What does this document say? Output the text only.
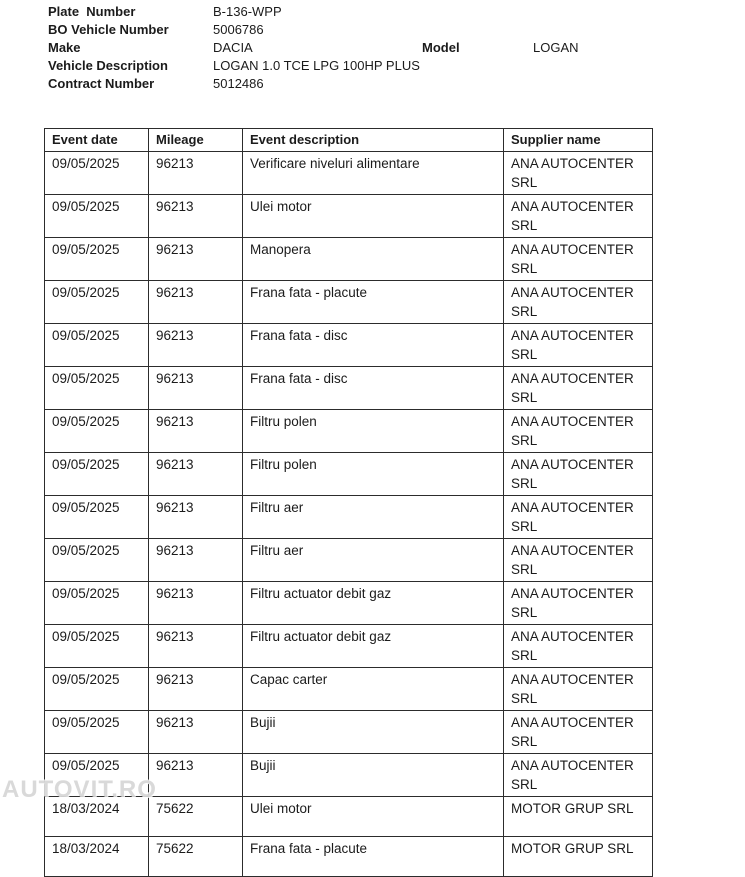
Plate  Number	B-136-WPP
BO Vehicle Number	5006786
Make	DACIA	Model	LOGAN
Vehicle Description	LOGAN 1.0 TCE LPG 100HP PLUS
Contract Number	5012486
Event date	Mileage	Event description	Supplier name
09/05/2025	96213	Verificare niveluri alimentare	ANA AUTOCENTER SRL
09/05/2025	96213	Ulei motor	ANA AUTOCENTER SRL
09/05/2025	96213	Manopera	ANA AUTOCENTER SRL
09/05/2025	96213	Frana fata - placute	ANA AUTOCENTER SRL
09/05/2025	96213	Frana fata - disc	ANA AUTOCENTER SRL
09/05/2025	96213	Frana fata - disc	ANA AUTOCENTER SRL
09/05/2025	96213	Filtru polen	ANA AUTOCENTER SRL
09/05/2025	96213	Filtru polen	ANA AUTOCENTER SRL
09/05/2025	96213	Filtru aer	ANA AUTOCENTER SRL
09/05/2025	96213	Filtru aer	ANA AUTOCENTER SRL
09/05/2025	96213	Filtru actuator debit gaz	ANA AUTOCENTER SRL
09/05/2025	96213	Filtru actuator debit gaz	ANA AUTOCENTER SRL
09/05/2025	96213	Capac carter	ANA AUTOCENTER SRL
09/05/2025	96213	Bujii	ANA AUTOCENTER SRL
09/05/2025	96213	Bujii	ANA AUTOCENTER SRL
18/03/2024	75622	Ulei motor	MOTOR GRUP SRL
18/03/2024	75622	Frana fata - placute	MOTOR GRUP SRL
AUTOVIT.RO
